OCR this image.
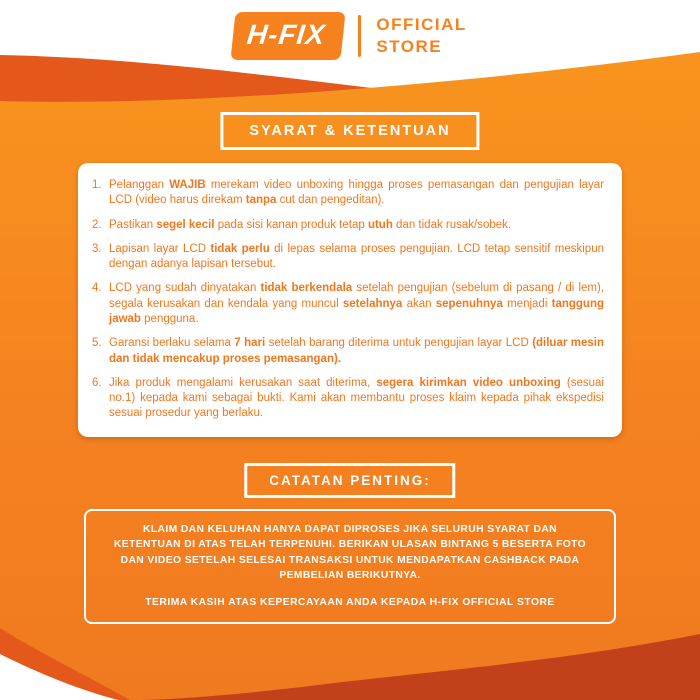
H-FIX	OFFICIAL
STORE
SYARAT & KETENTUAN
1. Pelanggan WAJIB merekam video unboxing hingga proses pemasangan dan pengujian layar LCD (video harus direkam tanpa cut dan pengeditan).
2. Pastikan segel kecil pada sisi kanan produk tetap utuh dan tidak rusak/sobek.
3. Lapisan layar LCD tidak perlu di lepas selama proses pengujian. LCD tetap sensitif meskipun dengan adanya lapisan tersebut.
4. LCD yang sudah dinyatakan tidak berkendala setelah pengujian (sebelum di pasang / di lem), segala kerusakan dan kendala yang muncul setelahnya akan sepenuhnya menjadi tanggung jawab pengguna.
5. Garansi berlaku selama 7 hari setelah barang diterima untuk pengujian layar LCD (diluar mesin dan tidak mencakup proses pemasangan).
6. Jika produk mengalami kerusakan saat diterima, segera kirimkan video unboxing (sesuai no.1) kepada kami sebagai bukti. Kami akan membantu proses klaim kepada pihak ekspedisi sesuai prosedur yang berlaku.
CATATAN PENTING:

KLAIM DAN KELUHAN HANYA DAPAT DIPROSES JIKA SELURUH SYARAT DAN KETENTUAN DI ATAS TELAH TERPENUHI. BERIKAN ULASAN BINTANG 5 BESERTA FOTO DAN VIDEO SETELAH SELESAI TRANSAKSI UNTUK MENDAPATKAN CASHBACK PADA PEMBELIAN BERIKUTNYA.

TERIMA KASIH ATAS KEPERCAYAAN ANDA KEPADA H-FIX OFFICIAL STORE
